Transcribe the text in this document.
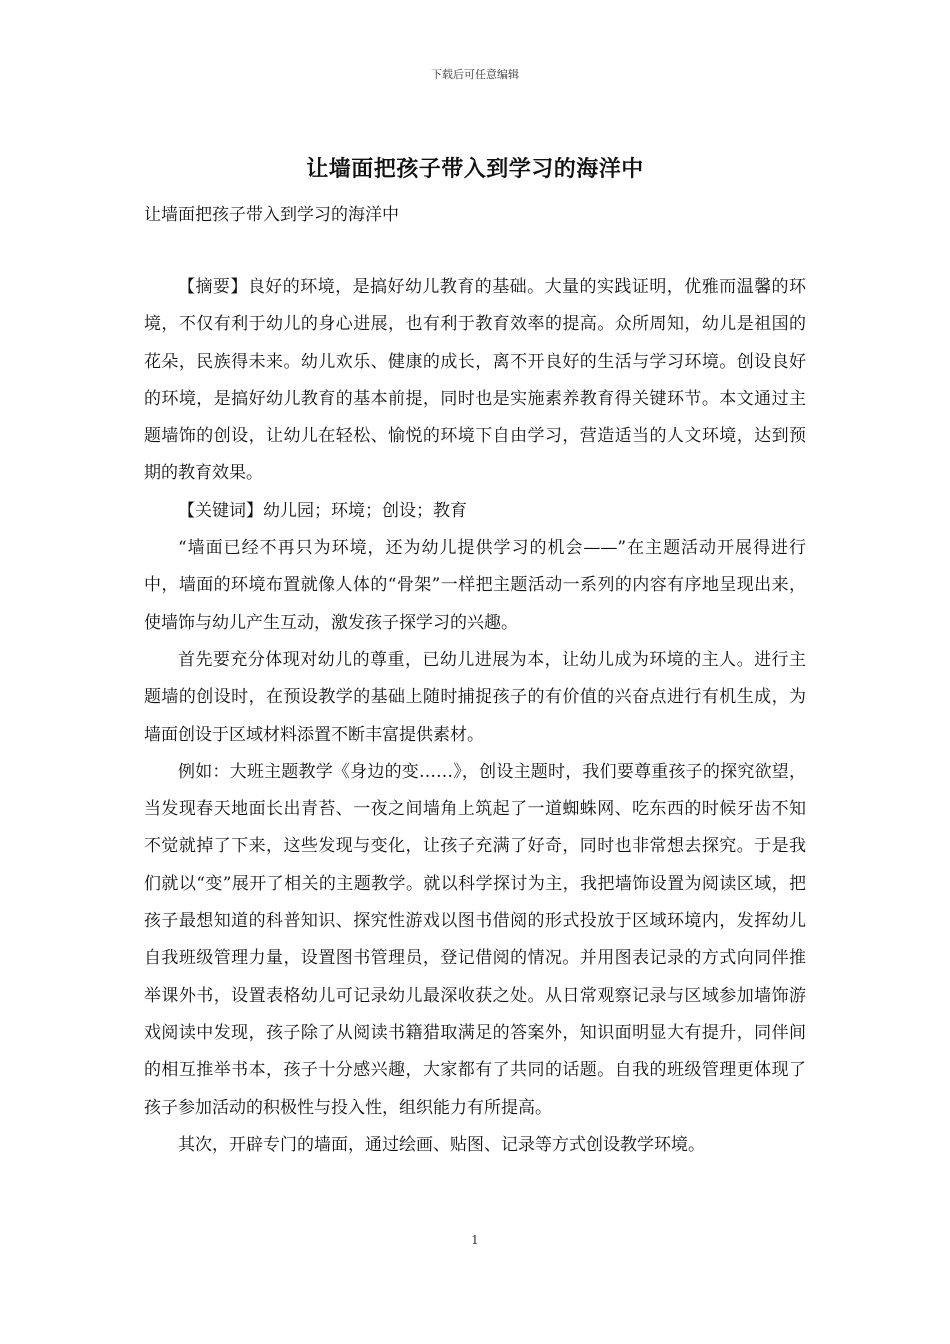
下载后可任意编辑
让墙面把孩子带入到学习的海洋中
让墙面把孩子带入到学习的海洋中

【摘要】良好的环境，是搞好幼儿教育的基础。大量的实践证明，优雅而温馨的环境，不仅有利于幼儿的身心进展，也有利于教育效率的提高。众所周知，幼儿是祖国的花朵，民族得未来。幼儿欢乐、健康的成长，离不开良好的生活与学习环境。创设良好的环境，是搞好幼儿教育的基本前提，同时也是实施素养教育得关键环节。本文通过主题墙饰的创设，让幼儿在轻松、愉悦的环境下自由学习，营造适当的人文环境，达到预期的教育效果。

【关键词】幼儿园；环境；创设；教育

“墙面已经不再只为环境，还为幼儿提供学习的机会——”在主题活动开展得进行中，墙面的环境布置就像人体的“骨架”一样把主题活动一系列的内容有序地呈现出来，使墙饰与幼儿产生互动，激发孩子探学习的兴趣。

首先要充分体现对幼儿的尊重，已幼儿进展为本，让幼儿成为环境的主人。进行主题墙的创设时，在预设教学的基础上随时捕捉孩子的有价值的兴奋点进行有机生成，为墙面创设于区域材料添置不断丰富提供素材。

例如：大班主题教学《身边的变……》，创设主题时，我们要尊重孩子的探究欲望，当发现春天地面长出青苔、一夜之间墙角上筑起了一道蜘蛛网、吃东西的时候牙齿不知不觉就掉了下来，这些发现与变化，让孩子充满了好奇，同时也非常想去探究。于是我们就以“变”展开了相关的主题教学。就以科学探讨为主，我把墙饰设置为阅读区域，把孩子最想知道的科普知识、探究性游戏以图书借阅的形式投放于区域环境内，发挥幼儿自我班级管理力量，设置图书管理员，登记借阅的情况。并用图表记录的方式向同伴推举课外书，设置表格幼儿可记录幼儿最深收获之处。从日常观察记录与区域参加墙饰游戏阅读中发现，孩子除了从阅读书籍猎取满足的答案外，知识面明显大有提升，同伴间的相互推举书本，孩子十分感兴趣，大家都有了共同的话题。自我的班级管理更体现了孩子参加活动的积极性与投入性，组织能力有所提高。

其次，开辟专门的墙面，通过绘画、贴图、记录等方式创设教学环境。

1
